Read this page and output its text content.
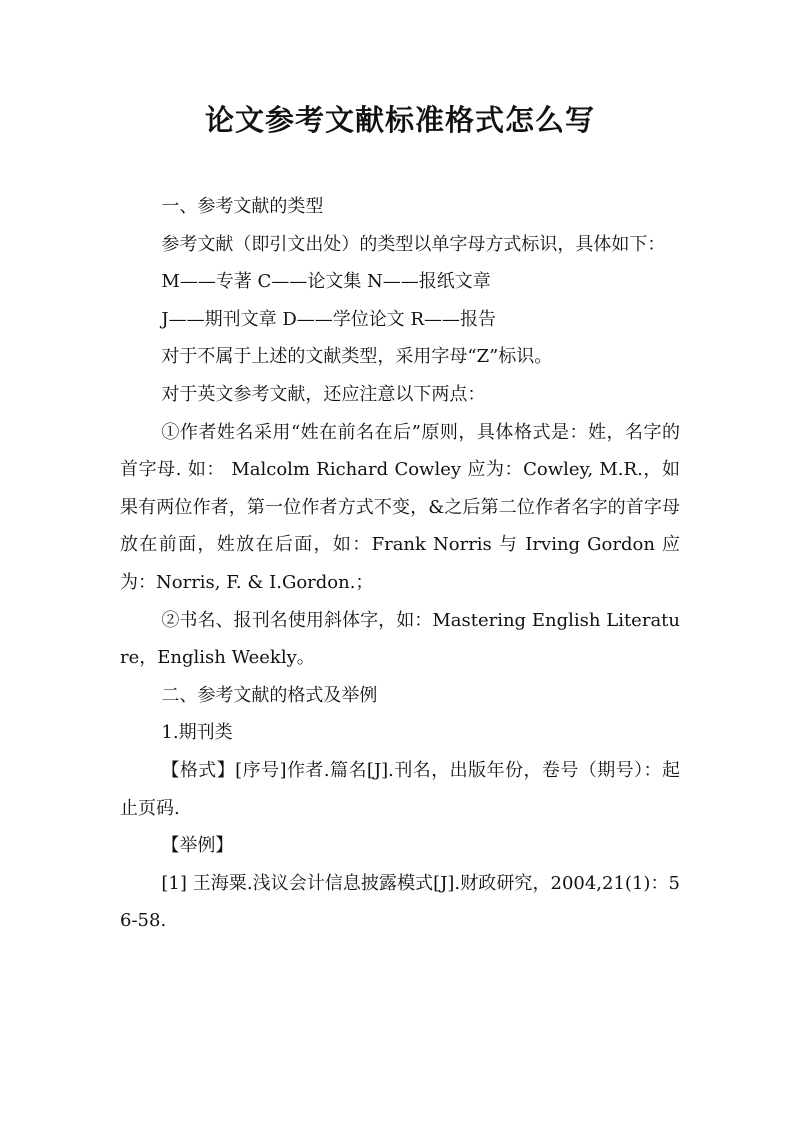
论文参考文献标准格式怎么写

一、参考文献的类型

参考文献（即引文出处）的类型以单字母方式标识，具体如下：

M——专著 C——论文集 N——报纸文章

J——期刊文章 D——学位论文 R——报告

对于不属于上述的文献类型，采用字母“Z”标识。

对于英文参考文献，还应注意以下两点：

①作者姓名采用“姓在前名在后”原则，具体格式是：姓，名字的首字母. 如： Malcolm Richard Cowley 应为：Cowley, M.R.，如果有两位作者，第一位作者方式不变，&之后第二位作者名字的首字母放在前面，姓放在后面，如：Frank Norris 与 Irving Gordon 应为：Norris, F. & I.Gordon.；

②书名、报刊名使用斜体字，如：Mastering English Literature，English Weekly。

二、参考文献的格式及举例

1.期刊类

【格式】[序号]作者.篇名[J].刊名，出版年份，卷号（期号）：起止页码.

【举例】

[1] 王海粟.浅议会计信息披露模式[J].财政研究，2004,21(1)：56-58.
